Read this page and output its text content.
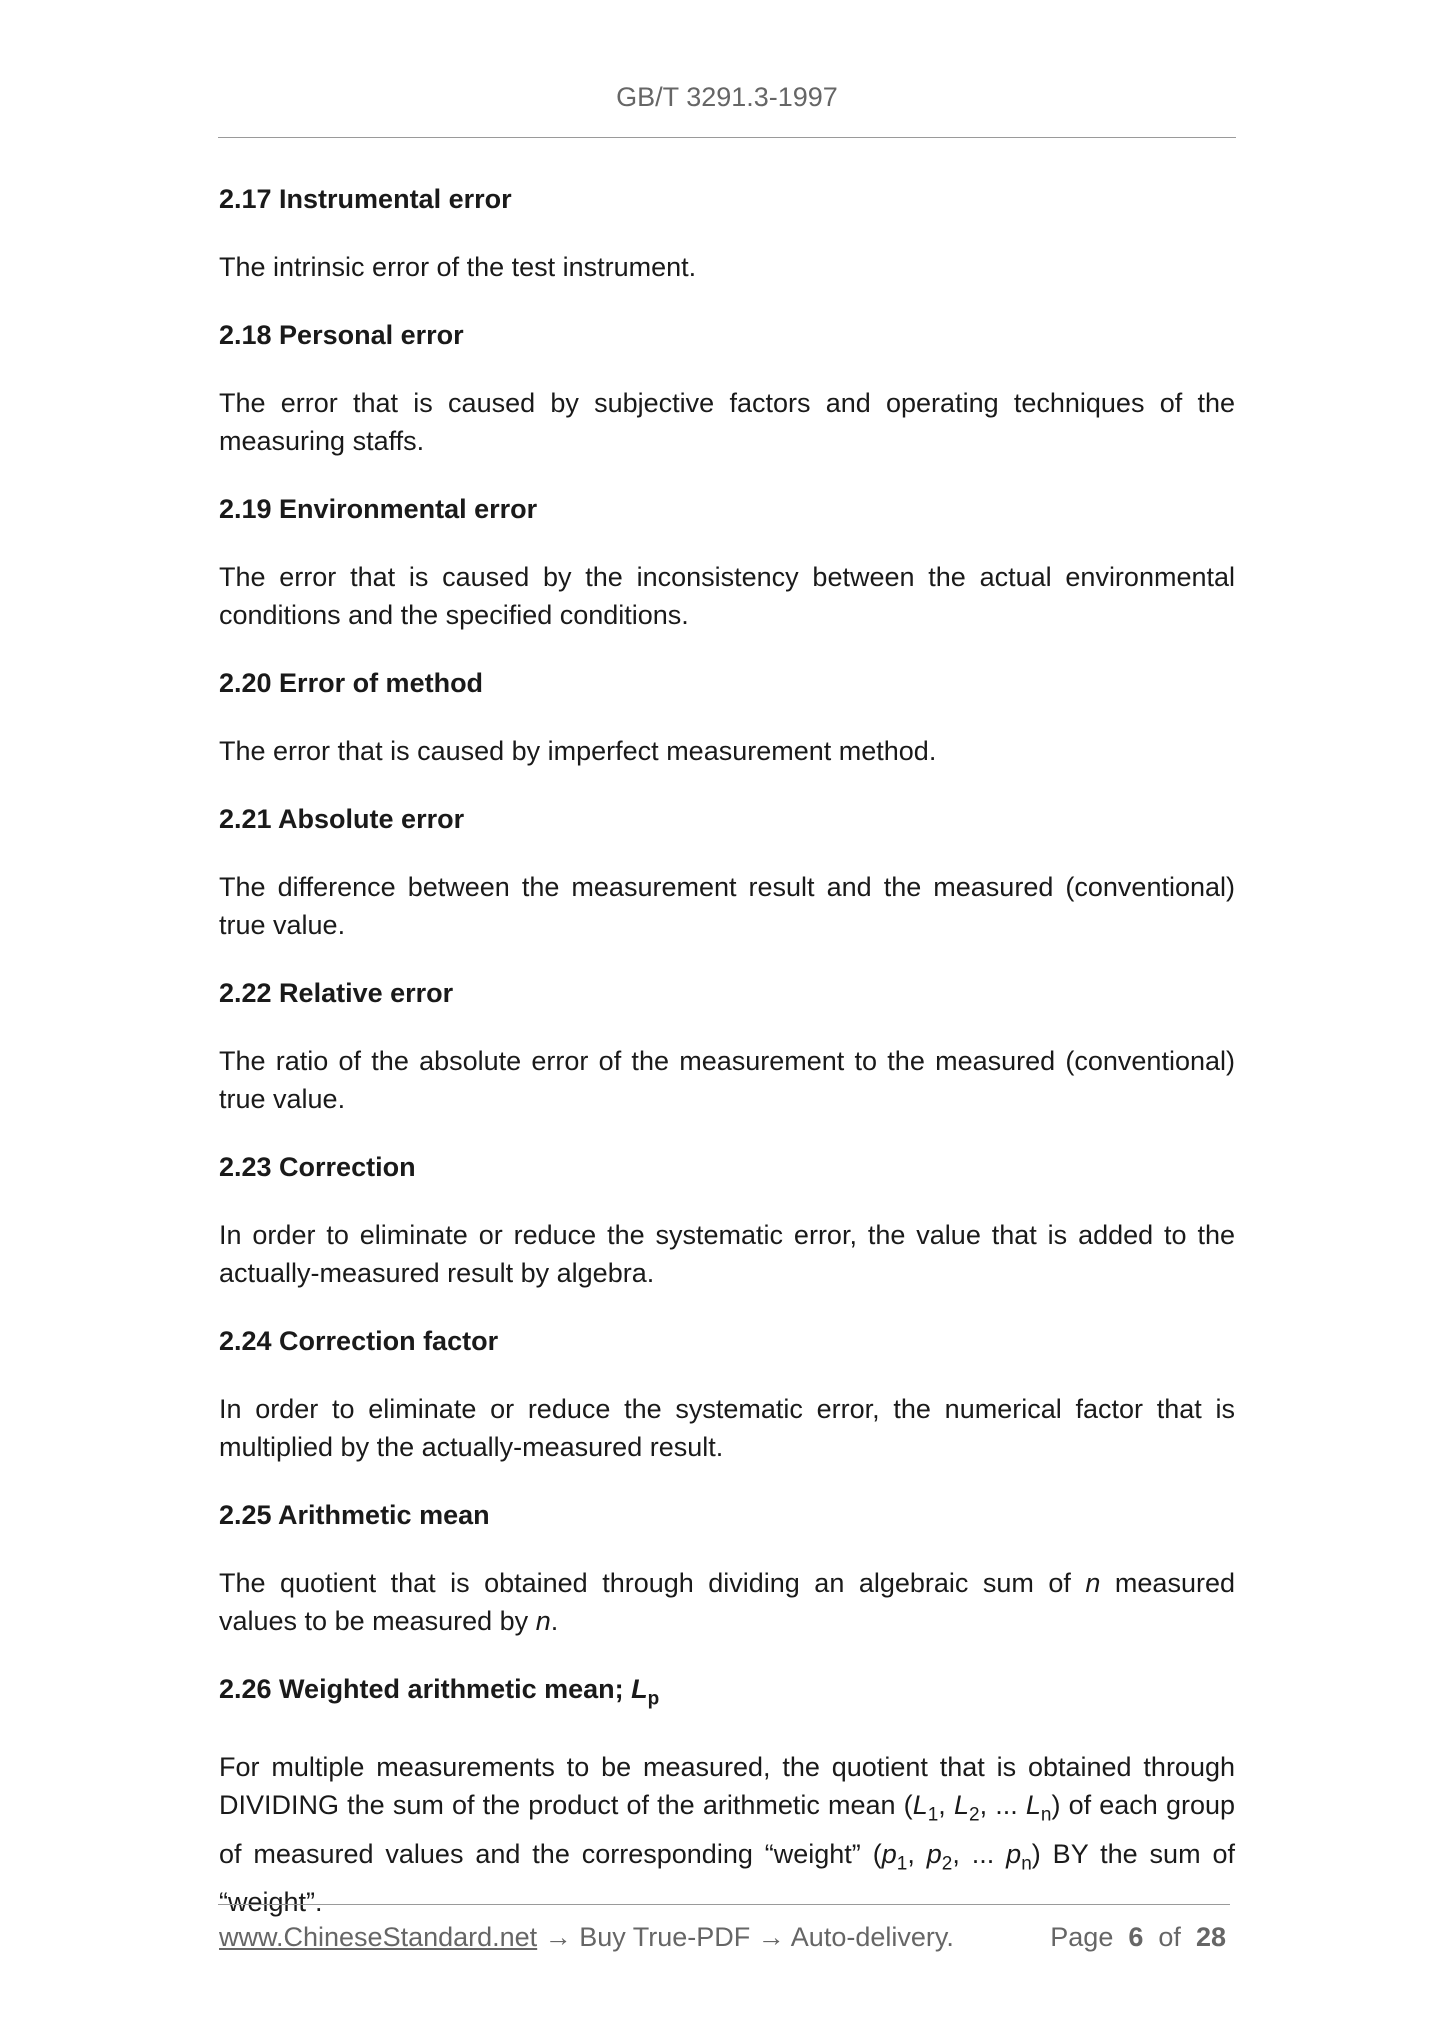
GB/T 3291.3-1997
2.17 Instrumental error
The intrinsic error of the test instrument.
2.18 Personal error
The error that is caused by subjective factors and operating techniques of the measuring staffs.
2.19 Environmental error
The error that is caused by the inconsistency between the actual environmental conditions and the specified conditions.
2.20 Error of method
The error that is caused by imperfect measurement method.
2.21 Absolute error
The difference between the measurement result and the measured (conventional) true value.
2.22 Relative error
The ratio of the absolute error of the measurement to the measured (conventional) true value.
2.23 Correction
In order to eliminate or reduce the systematic error, the value that is added to the actually-measured result by algebra.
2.24 Correction factor
In order to eliminate or reduce the systematic error, the numerical factor that is multiplied by the actually-measured result.
2.25 Arithmetic mean
The quotient that is obtained through dividing an algebraic sum of n measured values to be measured by n.
2.26 Weighted arithmetic mean; $L_p$
For multiple measurements to be measured, the quotient that is obtained through DIVIDING the sum of the product of the arithmetic mean ($L_1$, $L_2$, ... $L_n$) of each group of measured values and the corresponding “weight” ($p_1$, $p_2$, ... $p_n$) BY the sum of “weight”.
www.ChineseStandard.net → Buy True-PDF → Auto-delivery.	Page 6 of 28
